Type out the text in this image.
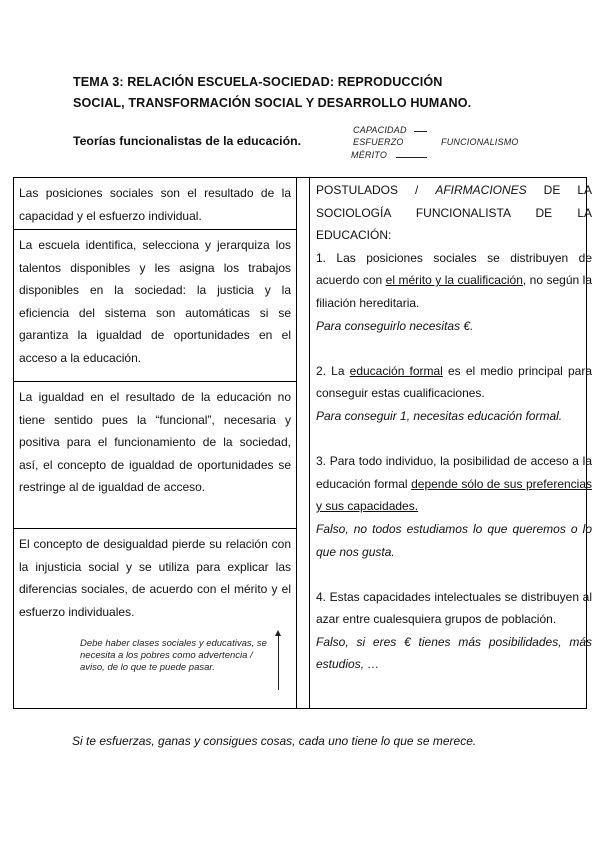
TEMA 3: RELACIÓN ESCUELA-SOCIEDAD: REPRODUCCIÓN
SOCIAL, TRANSFORMACIÓN SOCIAL Y DESARROLLO HUMANO.
Teorías funcionalistas de la educación.
CAPACIDAD
ESFUERZO
MÉRITO
FUNCIONALISMO
Las posiciones sociales son el resultado de la capacidad y el esfuerzo individual.
La escuela identifica, selecciona y jerarquiza los talentos disponibles y les asigna los trabajos disponibles en la sociedad: la justicia y la eficiencia del sistema son automáticas si se garantiza la igualdad de oportunidades en el acceso a la educación.
La igualdad en el resultado de la educación no tiene sentido pues la “funcional”, necesaria y positiva para el funcionamiento de la sociedad, así, el concepto de igualdad de oportunidades se restringe al de igualdad de acceso.
El concepto de desigualdad pierde su relación con la injusticia social y se utiliza para explicar las diferencias sociales, de acuerdo con el mérito y el esfuerzo individuales.
Debe haber clases sociales y educativas, se necesita a los pobres como advertencia / aviso, de lo que te puede pasar.

POSTULADOS / AFIRMACIONES DE LA SOCIOLOGÍA FUNCIONALISTA DE LA EDUCACIÓN:

1. Las posiciones sociales se distribuyen de acuerdo con el mérito y la cualificación, no según la filiación hereditaria.

Para conseguirlo necesitas €.

2. La educación formal es el medio principal para conseguir estas cualificaciones.

Para conseguir 1, necesitas educación formal.

3. Para todo individuo, la posibilidad de acceso a la educación formal depende sólo de sus preferencias y sus capacidades.

Falso, no todos estudiamos lo que queremos o lo que nos gusta.

4. Estas capacidades intelectuales se distribuyen al azar entre cualesquiera grupos de población.

Falso, si eres € tienes más posibilidades, más estudios, …

Si te esfuerzas, ganas y consigues cosas, cada uno tiene lo que se merece.
